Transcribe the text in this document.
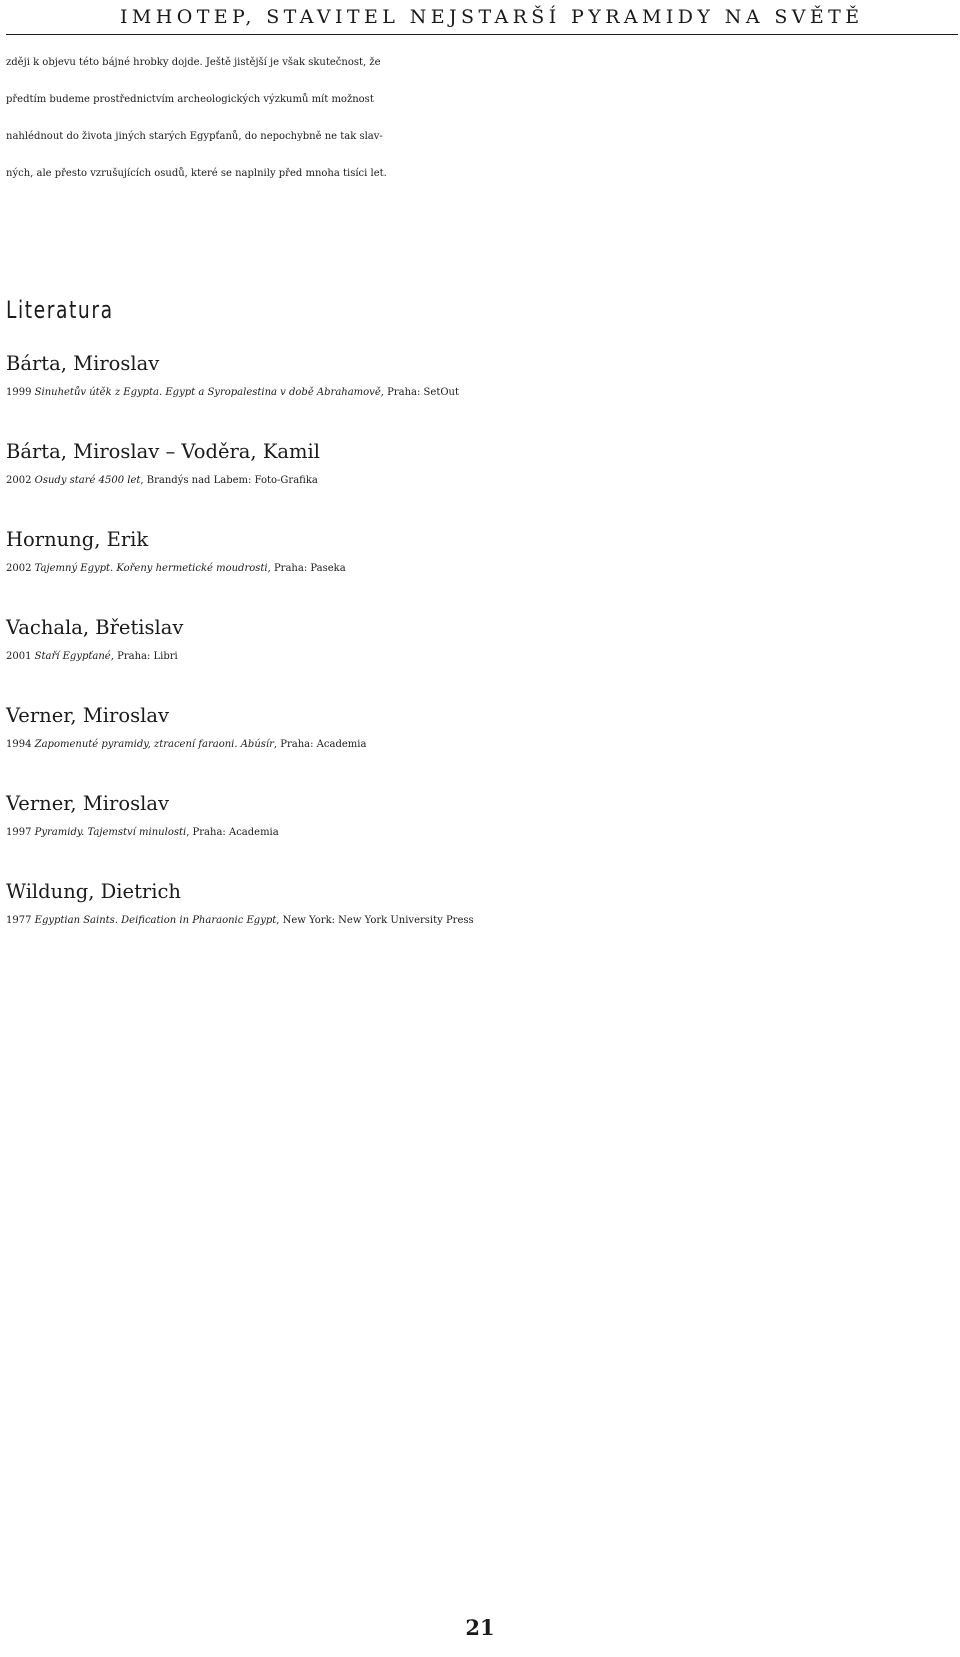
IMHOTEP, STAVITEL NEJSTARŠÍ PYRAMIDY NA SVĚTĚ

zději k objevu této bájné hrobky dojde. Ještě jistější je však skutečnost, že
předtím budeme prostřednictvím archeologických výzkumů mít možnost
nahlédnout do života jiných starých Egypťanů, do nepochybně ne tak slav-
ných, ale přesto vzrušujících osudů, které se naplnily před mnoha tisíci let.

Literatura
Bárta, Miroslav
1999 Sinuhetův útěk z Egypta. Egypt a Syropalestina v době Abrahamově, Praha: SetOut
Bárta, Miroslav – Voděra, Kamil
2002 Osudy staré 4500 let, Brandýs nad Labem: Foto-Grafika
Hornung, Erik
2002 Tajemný Egypt. Kořeny hermetické moudrosti, Praha: Paseka
Vachala, Břetislav
2001 Staří Egypťané, Praha: Libri
Verner, Miroslav
1994 Zapomenuté pyramidy, ztracení faraoni. Abúsír, Praha: Academia
Verner, Miroslav
1997 Pyramidy. Tajemství minulosti, Praha: Academia
Wildung, Dietrich
1977 Egyptian Saints. Deification in Pharaonic Egypt, New York: New York University Press
21
